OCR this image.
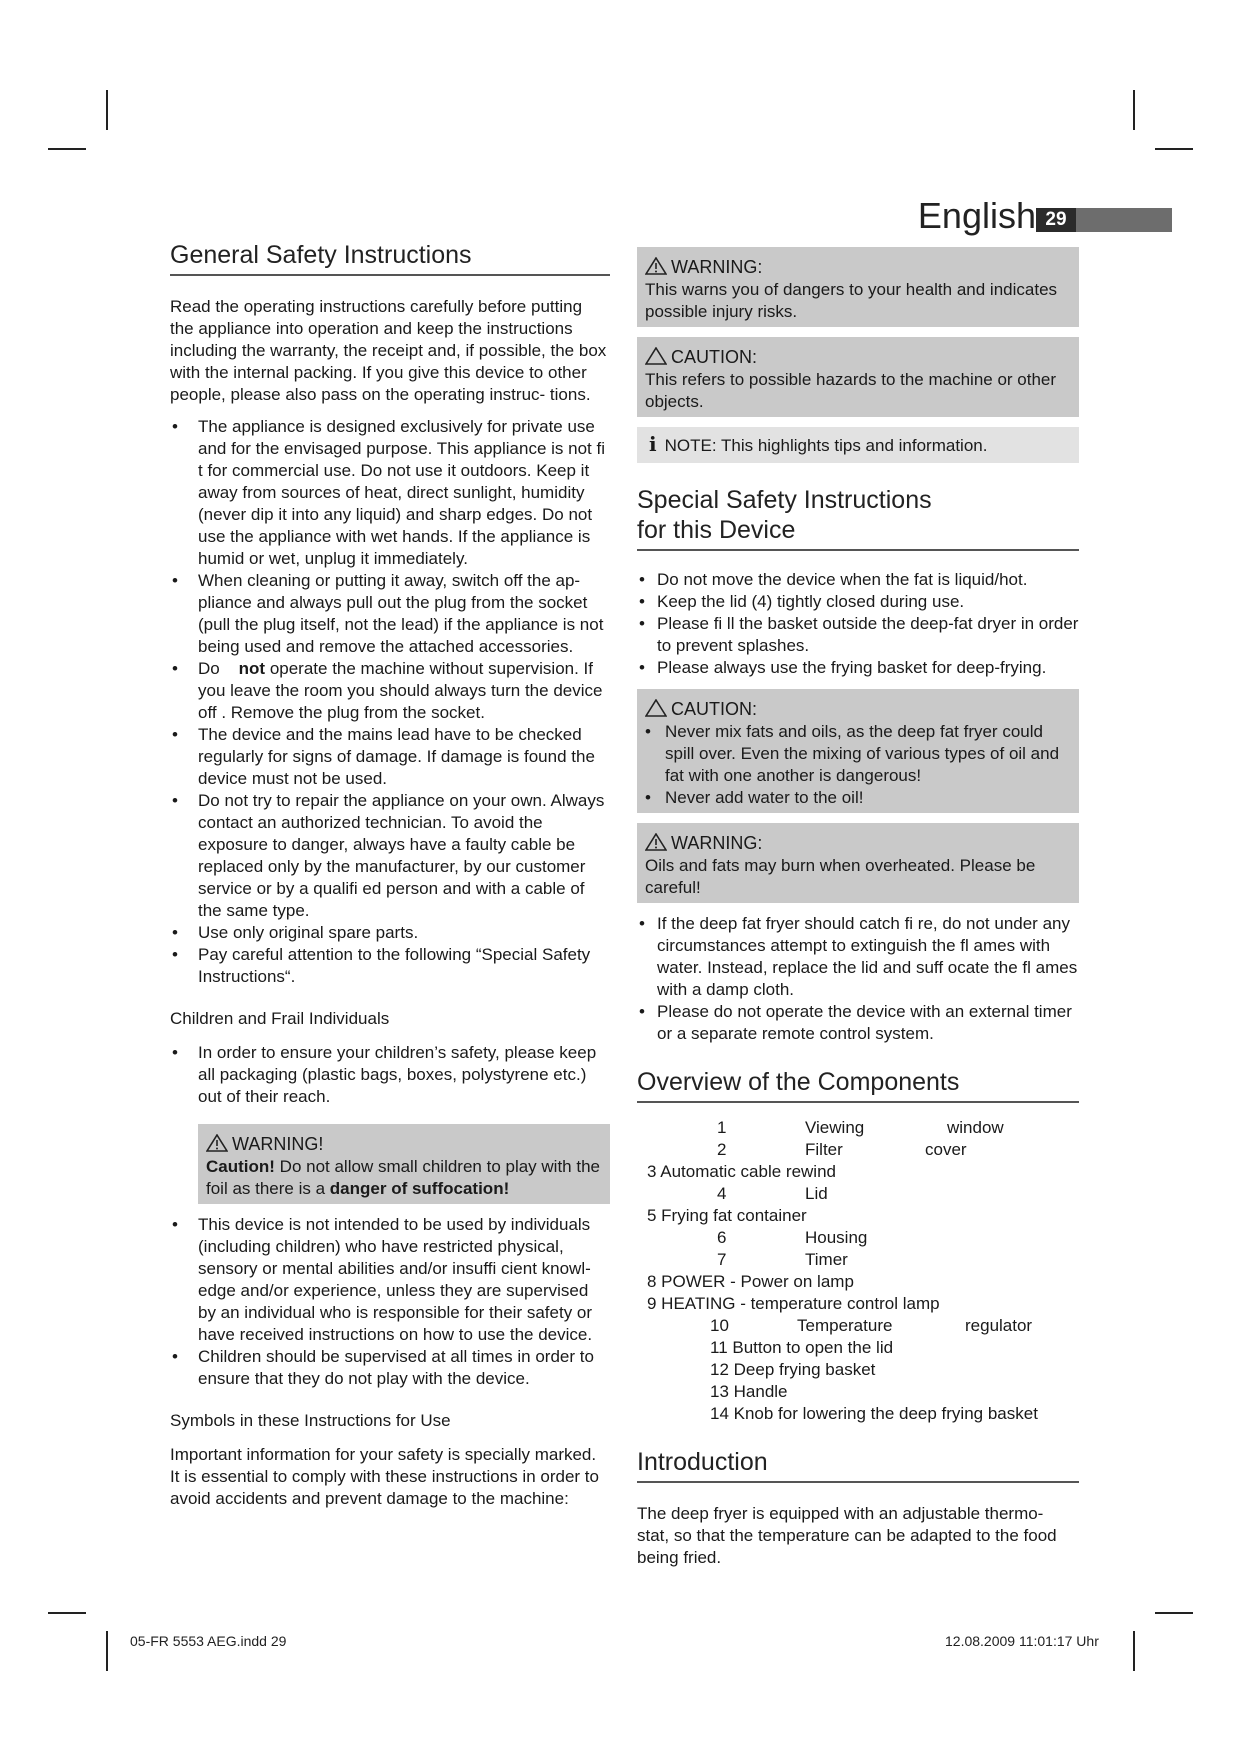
English 29
General Safety Instructions

Read the operating instructions carefully before putting the appliance into operation and keep the instructions including the warranty, the receipt and, if possible, the box with the internal packing. If you give this device to other people, please also pass on the operating instruc- tions.

• The appliance is designed exclusively for private use and for the envisaged purpose. This appliance is not fi t for commercial use. Do not use it outdoors. Keep it away from sources of heat, direct sunlight, humidity (never dip it into any liquid) and sharp edges. Do not use the appliance with wet hands. If the appliance is humid or wet, unplug it immediately.
• When cleaning or putting it away, switch off the ap- pliance and always pull out the plug from the socket (pull the plug itself, not the lead) if the appliance is not being used and remove the attached accessories.
• Do not operate the machine without supervision. If you leave the room you should always turn the device off . Remove the plug from the socket.
• The device and the mains lead have to be checked regularly for signs of damage. If damage is found the device must not be used.
• Do not try to repair the appliance on your own. Always contact an authorized technician. To avoid the exposure to danger, always have a faulty cable be replaced only by the manufacturer, by our customer service or by a qualifi ed person and with a cable of the same type.
• Use only original spare parts.
• Pay careful attention to the following “Special Safety Instructions“.
Children and Frail Individuals
• In order to ensure your children’s safety, please keep all packaging (plastic bags, boxes, polystyrene etc.) out of their reach.
WARNING!
Caution! Do not allow small children to play with the foil as there is a danger of suffocation!
• This device is not intended to be used by individuals (including children) who have restricted physical, sensory or mental abilities and/or insuffi cient knowl- edge and/or experience, unless they are supervised by an individual who is responsible for their safety or have received instructions on how to use the device.
• Children should be supervised at all times in order to ensure that they do not play with the device.
Symbols in these Instructions for Use

Important information for your safety is specially marked. It is essential to comply with these instructions in order to avoid accidents and prevent damage to the machine:

WARNING:
This warns you of dangers to your health and indicates possible injury risks.
CAUTION:
This refers to possible hazards to the machine or other objects.
i NOTE: This highlights tips and information.
Special Safety Instructions
for this Device
• Do not move the device when the fat is liquid/hot.
• Keep the lid (4) tightly closed during use.
• Please fi ll the basket outside the deep-fat dryer in order to prevent splashes.
• Please always use the frying basket for deep-frying.
CAUTION:
• Never mix fats and oils, as the deep fat fryer could spill over. Even the mixing of various types of oil and fat with one another is dangerous!
• Never add water to the oil!
WARNING:
Oils and fats may burn when overheated. Please be careful!
• If the deep fat fryer should catch fi re, do not under any circumstances attempt to extinguish the fl ames with water. Instead, replace the lid and suff ocate the fl ames with a damp cloth.
• Please do not operate the device with an external timer or a separate remote control system.
Overview of the Components
1	Viewing	window
2	Filter	cover
3 Automatic cable rewind
4	Lid
5 Frying fat container
6	Housing
7	Timer
8 POWER - Power on lamp
9 HEATING - temperature control lamp
10	Temperature	regulator
11 Button to open the lid
12 Deep frying basket
13 Handle
14 Knob for lowering the deep frying basket
Introduction

The deep fryer is equipped with an adjustable thermo- stat, so that the temperature can be adapted to the food being fried.

05-FR 5553 AEG.indd 29	12.08.2009 11:01:17 Uhr
